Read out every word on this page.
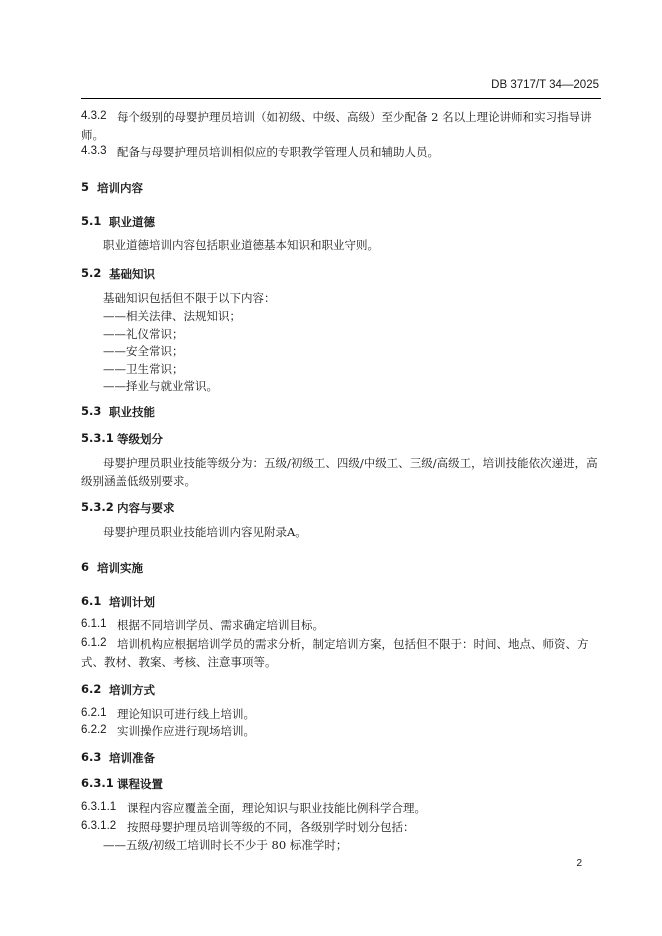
DB 3717/T 34—2025
4.3.2 每个级别的母婴护理员培训（如初级、中级、高级）至少配备 2 名以上理论讲师和实习指导讲
师。
4.3.3 配备与母婴护理员培训相似应的专职教学管理人员和辅助人员。
5 培训内容
5.1 职业道德
职业道德培训内容包括职业道德基本知识和职业守则。
5.2 基础知识
基础知识包括但不限于以下内容：
——相关法律、法规知识；
——礼仪常识；
——安全常识；
——卫生常识；
——择业与就业常识。
5.3 职业技能
5.3.1 等级划分
母婴护理员职业技能等级分为：五级/初级工、四级/中级工、三级/高级工，培训技能依次递进，高
级别涵盖低级别要求。
5.3.2 内容与要求
母婴护理员职业技能培训内容见附录A。
6 培训实施
6.1 培训计划
6.1.1 根据不同培训学员、需求确定培训目标。
6.1.2 培训机构应根据培训学员的需求分析，制定培训方案，包括但不限于：时间、地点、师资、方
式、教材、教案、考核、注意事项等。
6.2 培训方式
6.2.1 理论知识可进行线上培训。
6.2.2 实训操作应进行现场培训。
6.3 培训准备
6.3.1 课程设置
6.3.1.1 课程内容应覆盖全面，理论知识与职业技能比例科学合理。
6.3.1.2 按照母婴护理员培训等级的不同，各级别学时划分包括：
——五级/初级工培训时长不少于 80 标准学时；
2
